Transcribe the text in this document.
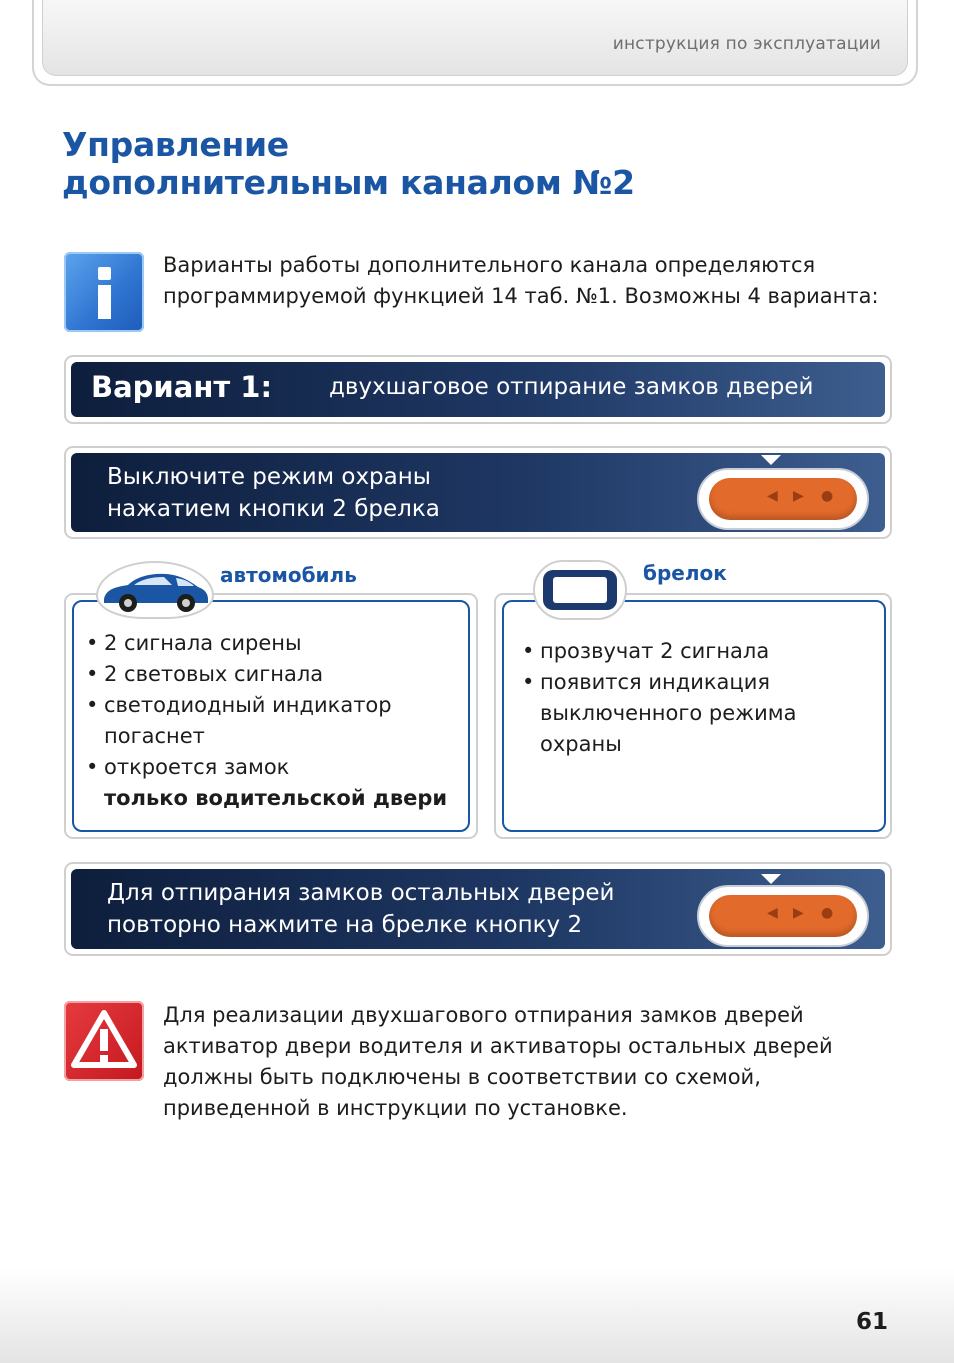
инструкция по эксплуатации
Управление
дополнительным каналом №2
Варианты работы дополнительного канала определяются
программируемой функцией 14 таб. №1. Возможны 4 варианта:
Вариант 1: двухшаговое отпирание замков дверей
Выключите режим охраны
нажатием кнопки 2 брелка	◀ ▶ ●
• 2 сигнала сирены
• 2 световых сигнала
• светодиодный индикатор погаснет
• откроется замок
только водительской двери
автомобиль
• прозвучат 2 сигнала
• появится индикация выключенного режима охраны
брелок
Для отпирания замков остальных дверей
повторно нажмите на брелке кнопку 2	◀ ▶ ●
Для реализации двухшагового отпирания замков дверей
активатор двери водителя и активаторы остальных дверей
должны быть подключены в соответствии со схемой,
приведенной в инструкции по установке.
61
